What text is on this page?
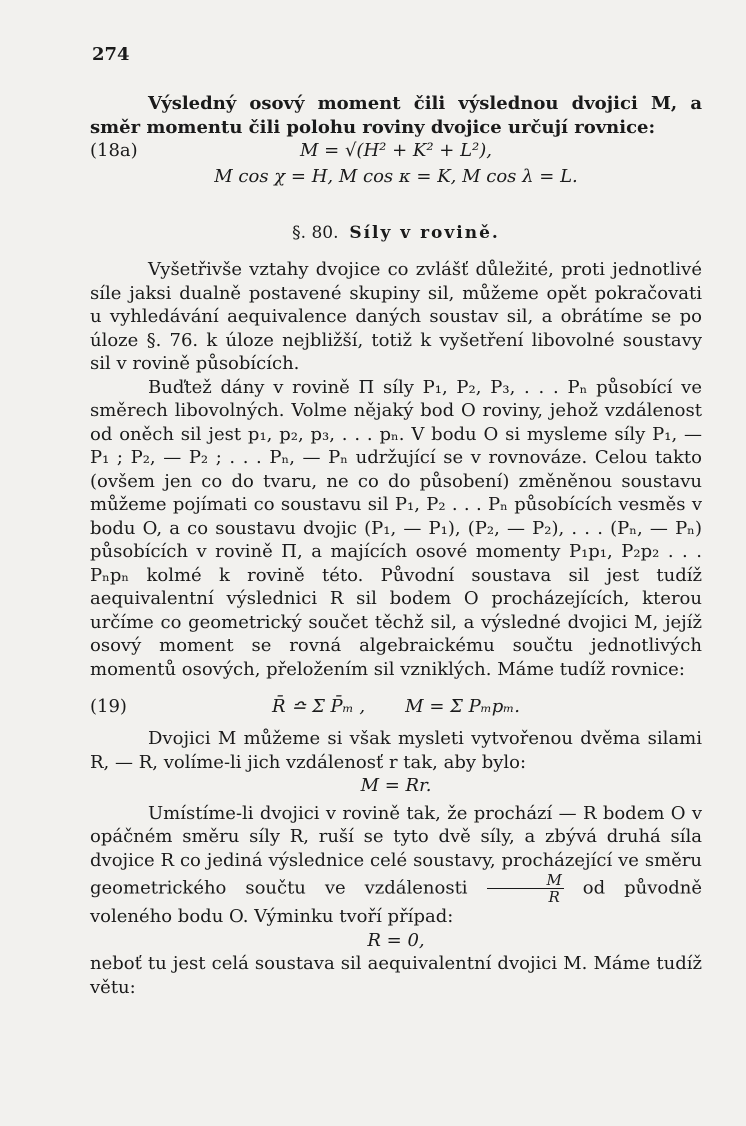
274

Výsledný osový moment čili výslednou dvojici M, a směr momentu čili polohu roviny dvojice určují rovnice:

(18a)	M = √(H² + K² + L²),
M cos χ = H, M cos κ = K, M cos λ = L.
§. 80. Síly v rovině.

Vyšetřivše vztahy dvojice co zvlášť důležité, proti jednotlivé síle jaksi dualně postavené skupiny sil, můžeme opět pokračovati u vyhledávání aequivalence daných soustav sil, a obrátíme se po úloze §. 76. k úloze nejbližší, totiž k vyšetření libovolné soustavy sil v rovině působících.

Buďtež dány v rovině Π síly P₁, P₂, P₃, . . . Pₙ působící ve směrech libovolných. Volme nějaký bod O roviny, jehož vzdálenost od oněch sil jest p₁, p₂, p₃, . . . pₙ. V bodu O si mysleme síly P₁, — P₁ ; P₂, — P₂ ; . . . Pₙ, — Pₙ udržující se v rovnováze. Celou takto (ovšem jen co do tvaru, ne co do působení) změněnou soustavu můžeme pojímati co soustavu sil P₁, P₂ . . . Pₙ působících vesměs v bodu O, a co soustavu dvojic (P₁, — P₁), (P₂, — P₂), . . . (Pₙ, — Pₙ) působících v rovině Π, a majících osové momenty P₁p₁, P₂p₂ . . . Pₙpₙ kolmé k rovině této. Původní soustava sil jest tudíž aequivalentní výslednici R sil bodem O procházejících, kterou určíme co geometrický součet těchž sil, a výsledné dvojici M, jejíž osový moment se rovná algebraickému součtu jednotlivých momentů osových, přeložením sil vzniklých. Máme tudíž rovnice:

(19)	R̄ ≏ Σ P̄ₘ , M = Σ Pₘpₘ.

Dvojici M můžeme si však mysleti vytvořenou dvěma silami R, — R, volíme-li jich vzdálenosť r tak, aby bylo:

M = Rr.

Umístíme-li dvojici v rovině tak, že prochází — R bodem O v opáčném směru síly R, ruší se tyto dvě síly, a zbývá druhá síla dvojice R co jediná výslednice celé soustavy, procházející ve směru geometrického součtu ve vzdálenosti $\frac{M}{R}$ od původně voleného bodu O. Výminku tvoří případ:

R = 0,

neboť tu jest celá soustava sil aequivalentní dvojici M. Máme tudíž větu:
